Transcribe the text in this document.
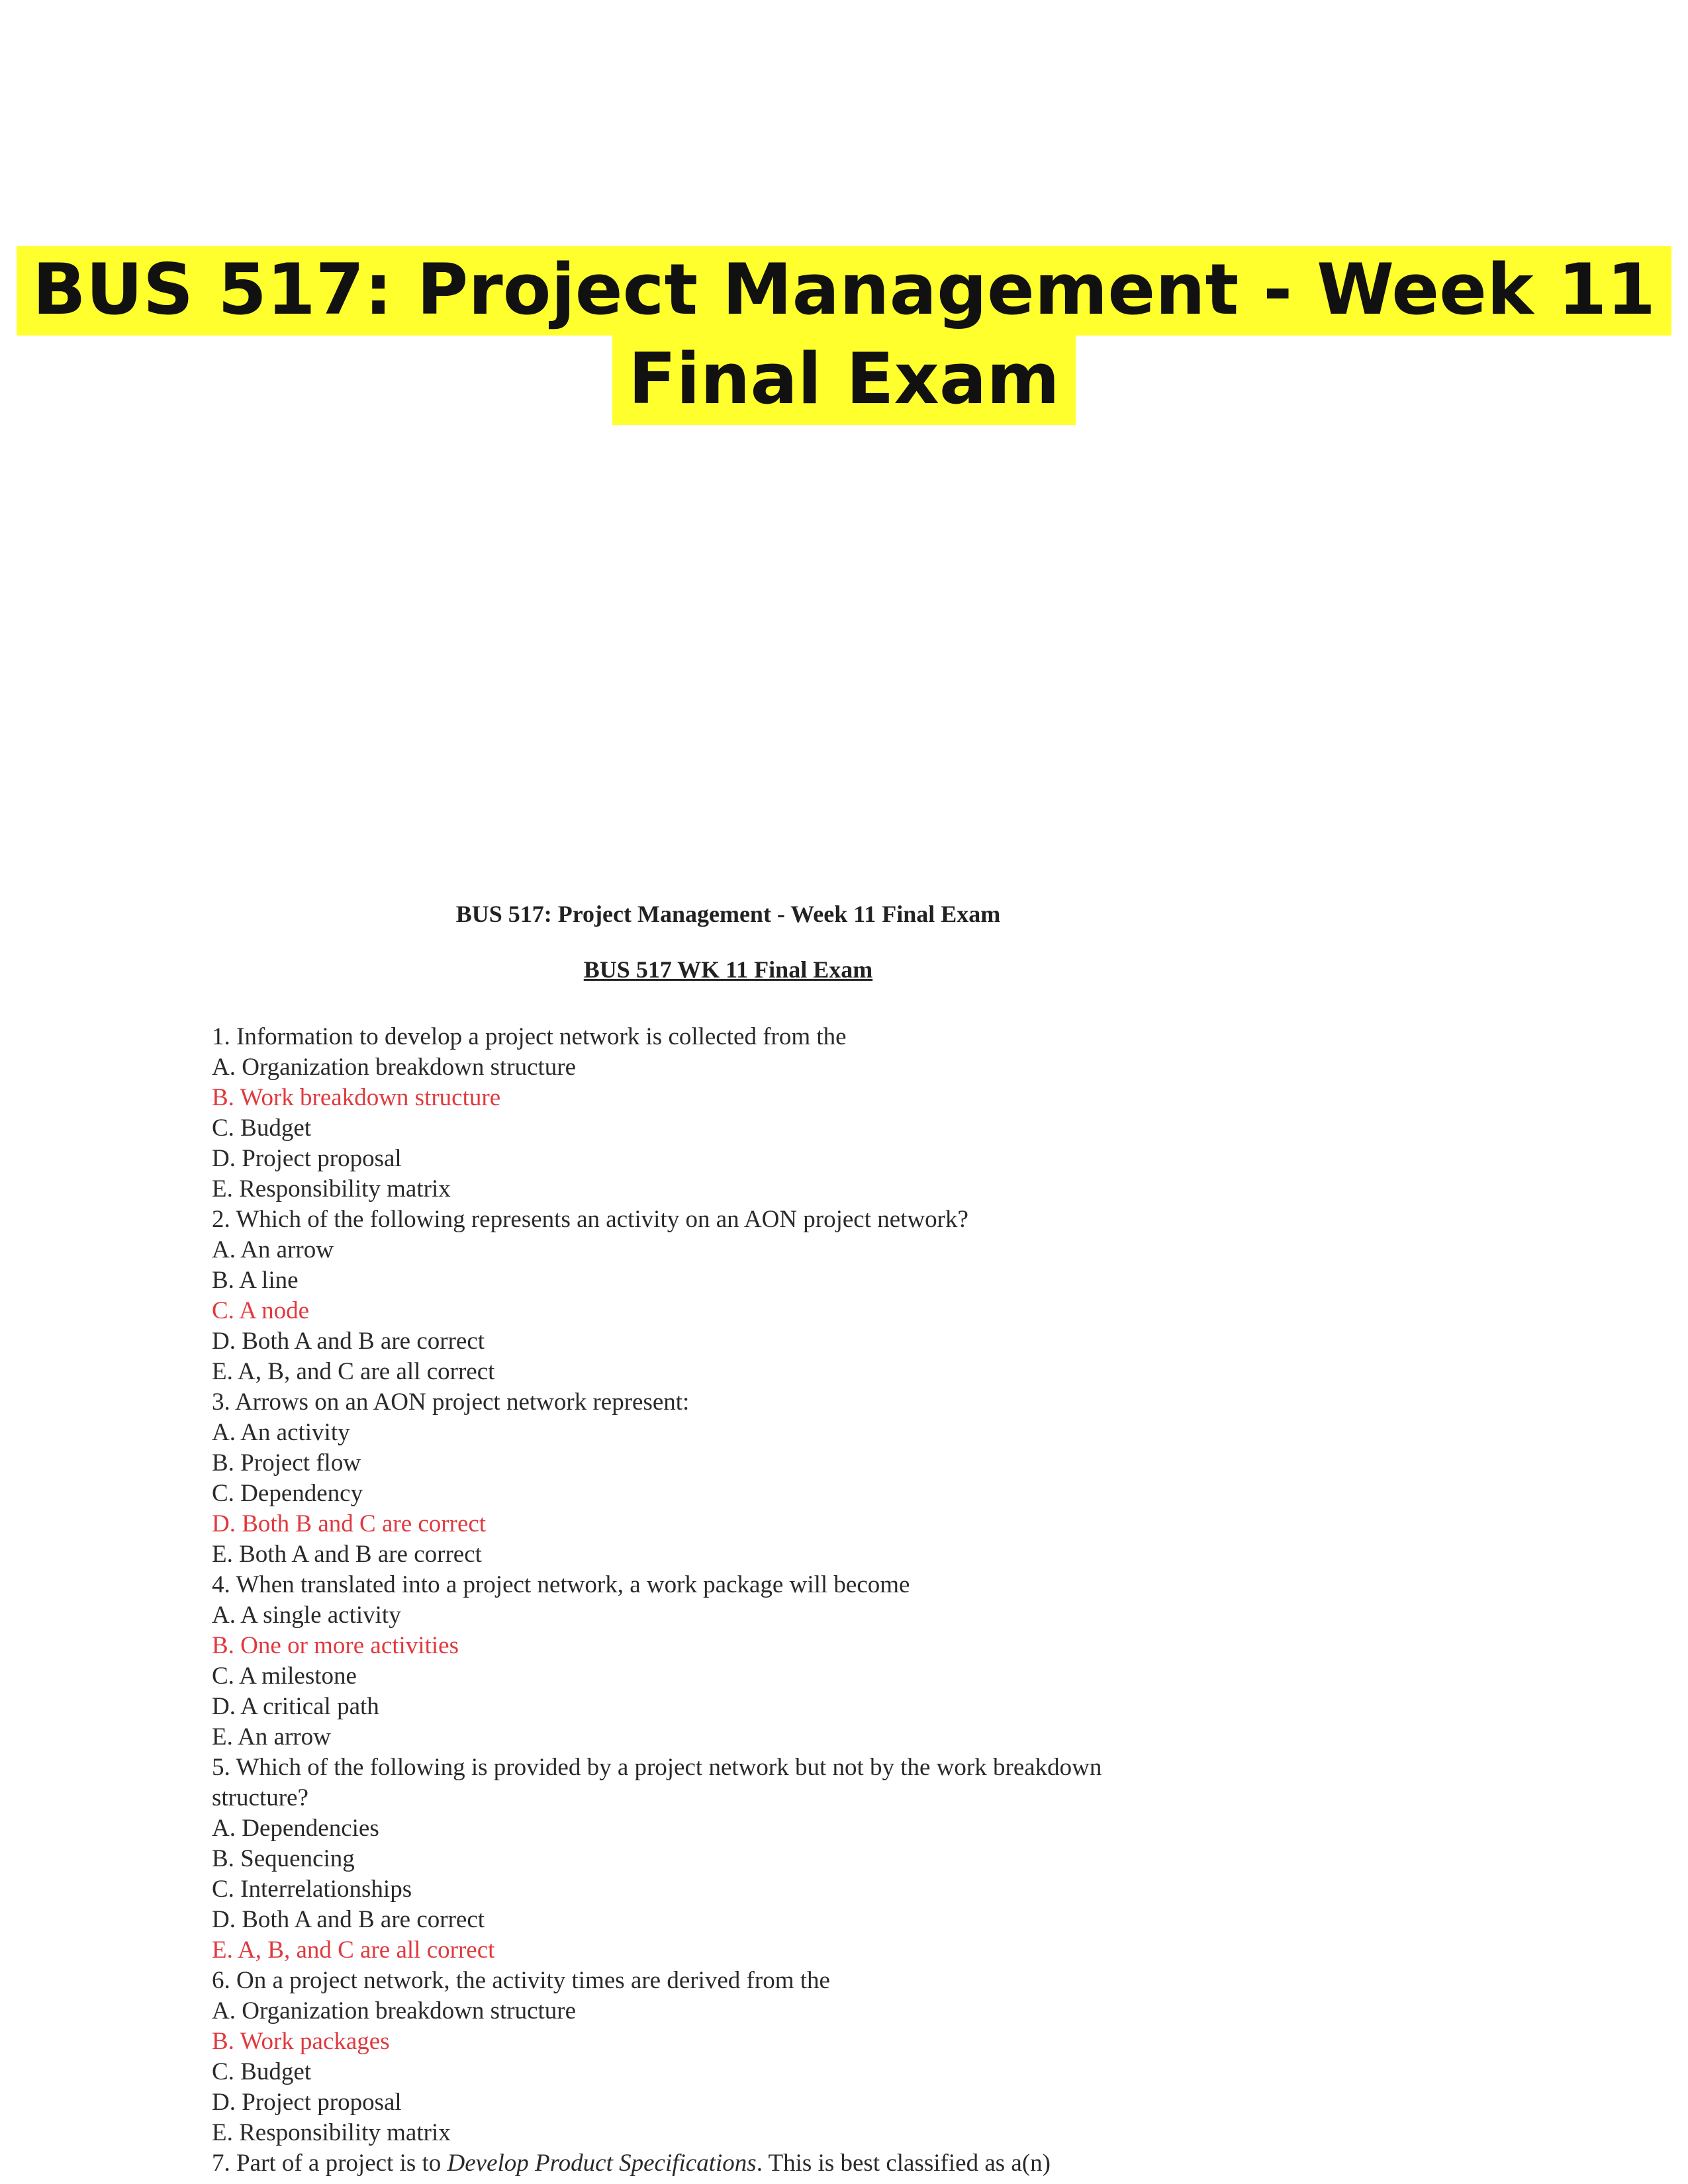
BUS 517: Project Management - Week 11
Final Exam
BUS 517: Project Management - Week 11 Final Exam
BUS 517 WK 11 Final Exam
1. Information to develop a project network is collected from the
A. Organization breakdown structure
B. Work breakdown structure
C. Budget
D. Project proposal
E. Responsibility matrix
2. Which of the following represents an activity on an AON project network?
A. An arrow
B. A line
C. A node
D. Both A and B are correct
E. A, B, and C are all correct
3. Arrows on an AON project network represent:
A. An activity
B. Project flow
C. Dependency
D. Both B and C are correct
E. Both A and B are correct
4. When translated into a project network, a work package will become
A. A single activity
B. One or more activities
C. A milestone
D. A critical path
E. An arrow
5. Which of the following is provided by a project network but not by the work breakdown structure?
A. Dependencies
B. Sequencing
C. Interrelationships
D. Both A and B are correct
E. A, B, and C are all correct
6. On a project network, the activity times are derived from the
A. Organization breakdown structure
B. Work packages
C. Budget
D. Project proposal
E. Responsibility matrix
7. Part of a project is to Develop Product Specifications. This is best classified as a(n)
